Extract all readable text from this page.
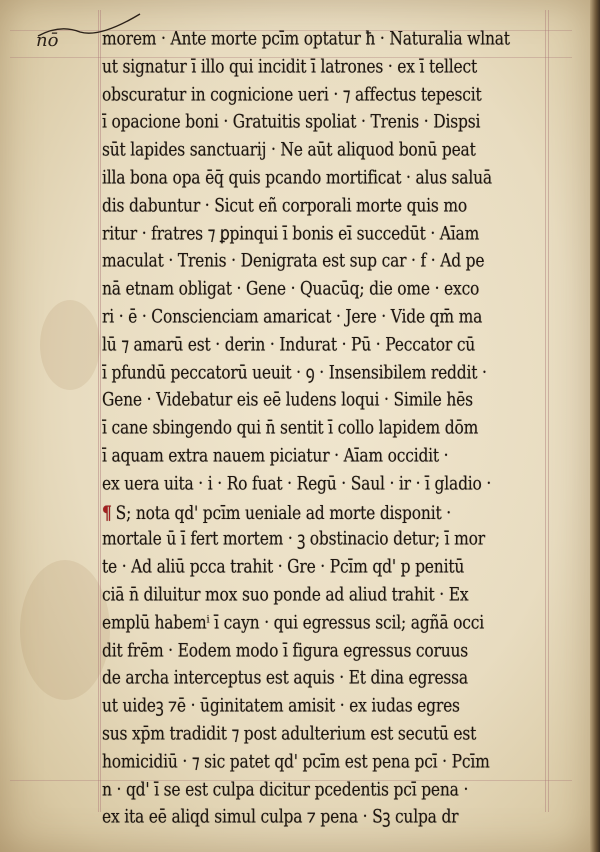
nō	morem · Ante morte pcīm optatur ħ · Naturalia wlnat
ut signatur ī illo qui incidit ī latrones · ex ī tellect
obscuratur in cognicione ueri · ⁊ affectus tepescit
ī opacione boni · Gratuitis spoliat · Trenis · Dispsi
sūt lapides sanctuarij · Ne aūt aliquod bonū peat
illa bona opa ēq̄ quis pcando mortificat · alus saluā
dis dabuntur · Sicut eñ corporali morte quis mo
ritur · fratres ⁊ ꝑpinqui ī bonis eī succedūt · Aīam
maculat · Trenis · Denigrata est sup car · f · Ad pe
nā etnam obligat · Gene · Quacūq; die ome · exco
ri · ē · Conscienciam amaricat · Jere · Vide qm̄ ma
lū ⁊ amarū est · derin · Indurat · Pū · Peccator cū
ī pfundū peccatorū ueuit · ꝯ · Insensibilem reddit ·
Gene · Videbatur eis eē ludens loqui · Simile hēs
ī cane sbingendo qui n̄ sentit ī collo lapidem dōm
ī aquam extra nauem piciatur · Aīam occidit ·
ex uera uita · i · Ro fuat · Regū · Saul · ir · ī gladio ·
¶ S; nota qd' pcīm ueniale ad morte disponit ·
mortale ū ī fert mortem · ꝫ obstinacio detur; ī mor
te · Ad aliū pcca trahit · Gre · Pcīm qd' p penitū
ciā n̄ diluitur mox suo ponde ad aliud trahit · Ex
emplū habemⁱ ī cayn · qui egressus scil; agñā occi
dit frēm · Eodem modo ī figura egressus coruus
de archa interceptus est aquis · Et dina egressa
ut uideꝫ ⁊ē · ūginitatem amisit · ex iudas egres
sus xp̄m tradidit ⁊ post adulterium est secutū est
homicidiū · ⁊ sic patet qd' pcīm est pena pcī · Pcīm
n · qd' ī se est culpa dicitur pcedentis pcī pena ·
ex ita eē aliqd simul culpa ⁊ pena · Sꝫ culpa dr
